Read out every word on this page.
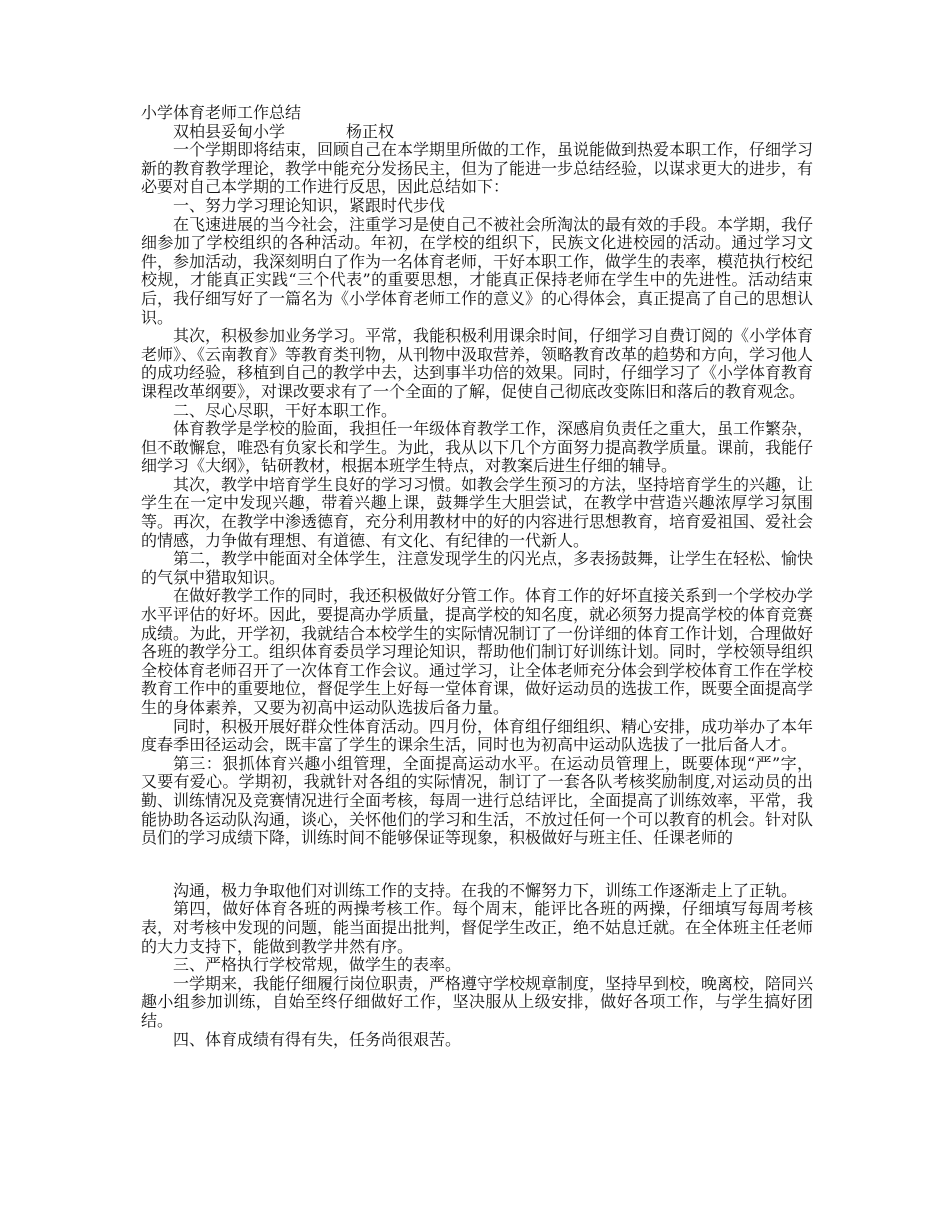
小学体育老师工作总结

双柏县妥甸小学	杨正权

一个学期即将结束，回顾自己在本学期里所做的工作，虽说能做到热爱本职工作，仔细学习新的教育教学理论，教学中能充分发扬民主，但为了能进一步总结经验，以谋求更大的进步，有必要对自己本学期的工作进行反思，因此总结如下：

一、努力学习理论知识，紧跟时代步伐

在飞速进展的当今社会，注重学习是使自己不被社会所淘汰的最有效的手段。本学期，我仔细参加了学校组织的各种活动。年初，在学校的组织下，民族文化进校园的活动。通过学习文件，参加活动，我深刻明白了作为一名体育老师，干好本职工作，做学生的表率，模范执行校纪校规，才能真正实践“三个代表”的重要思想，才能真正保持老师在学生中的先进性。活动结束后，我仔细写好了一篇名为《小学体育老师工作的意义》的心得体会，真正提高了自己的思想认识。

其次，积极参加业务学习。平常，我能积极利用课余时间，仔细学习自费订阅的《小学体育老师》、《云南教育》等教育类刊物，从刊物中汲取营养，领略教育改革的趋势和方向，学习他人的成功经验，移植到自己的教学中去，达到事半功倍的效果。同时，仔细学习了《小学体育教育课程改革纲要》，对课改要求有了一个全面的了解，促使自己彻底改变陈旧和落后的教育观念。

二、尽心尽职，干好本职工作。

体育教学是学校的脸面，我担任一年级体育教学工作，深感肩负责任之重大，虽工作繁杂，但不敢懈怠，唯恐有负家长和学生。为此，我从以下几个方面努力提高教学质量。课前，我能仔细学习《大纲》，钻研教材，根据本班学生特点，对教案后进生仔细的辅导。

其次，教学中培育学生良好的学习习惯。如教会学生预习的方法，坚持培育学生的兴趣，让学生在一定中发现兴趣，带着兴趣上课，鼓舞学生大胆尝试，在教学中营造兴趣浓厚学习氛围等。再次，在教学中渗透德育，充分利用教材中的好的内容进行思想教育，培育爱祖国、爱社会的情感，力争做有理想、有道德、有文化、有纪律的一代新人。

第二，教学中能面对全体学生，注意发现学生的闪光点，多表扬鼓舞，让学生在轻松、愉快的气氛中猎取知识。

在做好教学工作的同时，我还积极做好分管工作。体育工作的好坏直接关系到一个学校办学水平评估的好坏。因此，要提高办学质量，提高学校的知名度，就必须努力提高学校的体育竞赛成绩。为此，开学初，我就结合本校学生的实际情况制订了一份详细的体育工作计划，合理做好各班的教学分工。组织体育委员学习理论知识，帮助他们制订好训练计划。同时，学校领导组织全校体育老师召开了一次体育工作会议。通过学习，让全体老师充分体会到学校体育工作在学校教育工作中的重要地位，督促学生上好每一堂体育课，做好运动员的选拔工作，既要全面提高学生的身体素养，又要为初高中运动队选拔后备力量。

同时，积极开展好群众性体育活动。四月份，体育组仔细组织、精心安排，成功举办了本年度春季田径运动会，既丰富了学生的课余生活，同时也为初高中运动队选拔了一批后备人才。

第三：狠抓体育兴趣小组管理，全面提高运动水平。在运动员管理上，既要体现“严”字，又要有爱心。学期初，我就针对各组的实际情况，制订了一套各队考核奖励制度,对运动员的出勤、训练情况及竞赛情况进行全面考核，每周一进行总结评比，全面提高了训练效率，平常，我能协助各运动队沟通，谈心，关怀他们的学习和生活，不放过任何一个可以教育的机会。针对队员们的学习成绩下降，训练时间不能够保证等现象，积极做好与班主任、任课老师的

沟通，极力争取他们对训练工作的支持。在我的不懈努力下，训练工作逐渐走上了正轨。

第四，做好体育各班的两操考核工作。每个周末，能评比各班的两操，仔细填写每周考核表，对考核中发现的问题，能当面提出批判，督促学生改正，绝不姑息迁就。在全体班主任老师的大力支持下，能做到教学井然有序。

三、严格执行学校常规，做学生的表率。

一学期来，我能仔细履行岗位职责，严格遵守学校规章制度，坚持早到校，晚离校，陪同兴趣小组参加训练，自始至终仔细做好工作，坚决服从上级安排，做好各项工作，与学生搞好团结。

四、体育成绩有得有失，任务尚很艰苦。
